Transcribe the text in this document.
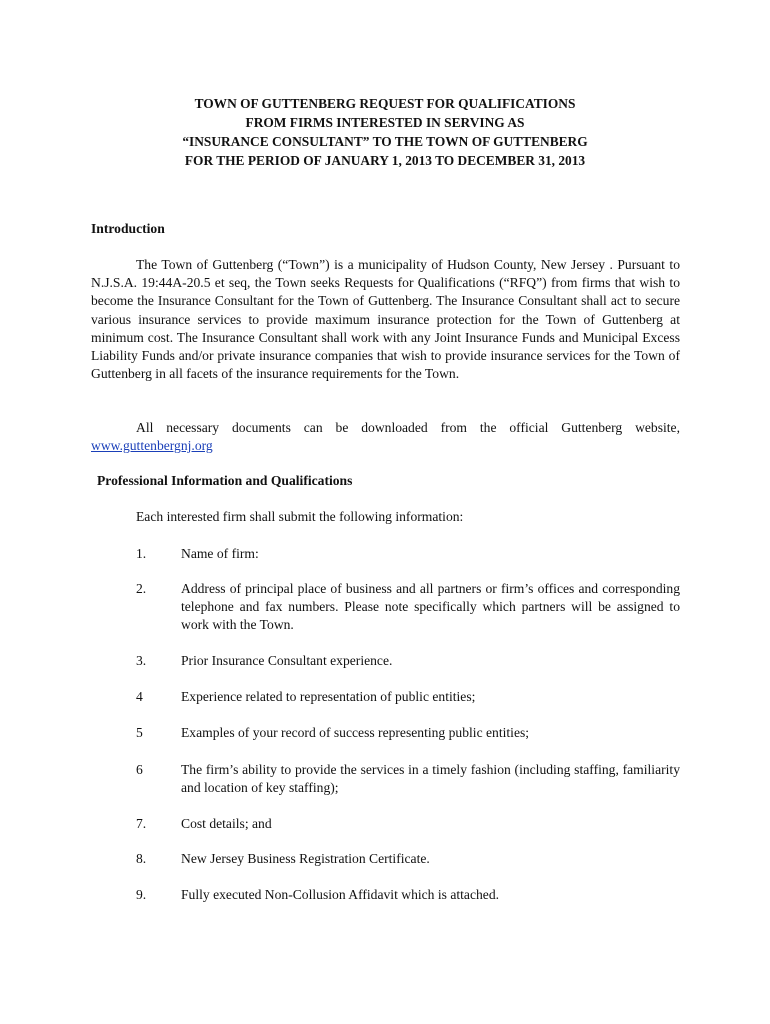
TOWN OF GUTTENBERG REQUEST FOR QUALIFICATIONS
FROM FIRMS INTERESTED IN SERVING AS
“INSURANCE CONSULTANT” TO THE TOWN OF GUTTENBERG
FOR THE PERIOD OF JANUARY 1, 2013 TO DECEMBER 31, 2013
Introduction
The Town of Guttenberg (“Town”) is a municipality of Hudson County, New Jersey . Pursuant to N.J.S.A. 19:44A-20.5 et seq, the Town seeks Requests for Qualifications (“RFQ”) from firms that wish to become the Insurance Consultant for the Town of Guttenberg. The Insurance Consultant shall act to secure various insurance services to provide maximum insurance protection for the Town of Guttenberg at minimum cost. The Insurance Consultant shall work with any Joint Insurance Funds and Municipal Excess Liability Funds and/or private insurance companies that wish to provide insurance services for the Town of Guttenberg in all facets of the insurance requirements for the Town.
All necessary documents can be downloaded from the official Guttenberg website, www.guttenbergnj.org
Professional Information and Qualifications
Each interested firm shall submit the following information:
1.	Name of firm:
2.	Address of principal place of business and all partners or firm’s offices and corresponding telephone and fax numbers. Please note specifically which partners will be assigned to work with the Town.
3.	Prior Insurance Consultant experience.
4	Experience related to representation of public entities;
5	Examples of your record of success representing public entities;
6	The firm’s ability to provide the services in a timely fashion (including staffing, familiarity and location of key staffing);
7.	Cost details; and
8.	New Jersey Business Registration Certificate.
9.	Fully executed Non-Collusion Affidavit which is attached.
